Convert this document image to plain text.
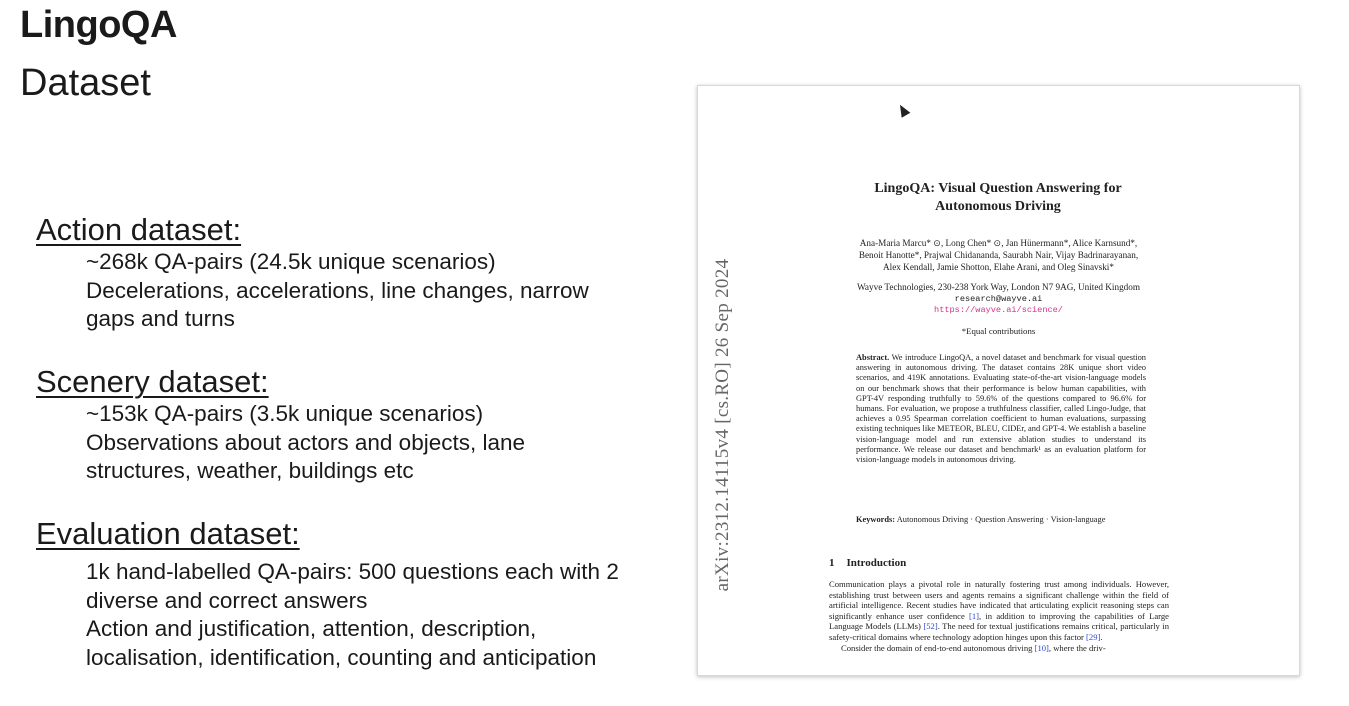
LingoQA
Dataset
Action dataset:
~268k QA-pairs (24.5k unique scenarios)
Decelerations, accelerations, line changes, narrow
gaps and turns
Scenery dataset:
~153k QA-pairs (3.5k unique scenarios)
Observations about actors and objects, lane
structures, weather, buildings etc
Evaluation dataset:
1k hand-labelled QA-pairs: 500 questions each with 2
diverse and correct answers
Action and justification, attention, description,
localisation, identification, counting and anticipation
arXiv:2312.14115v4 [cs.RO] 26 Sep 2024
LingoQA: Visual Question Answering for
Autonomous Driving
Ana-Maria Marcu* ⊙, Long Chen* ⊙, Jan Hünermann*, Alice Karnsund*,
Benoit Hanotte*, Prajwal Chidananda, Saurabh Nair, Vijay Badrinarayanan,
Alex Kendall, Jamie Shotton, Elahe Arani, and Oleg Sinavski*
Wayve Technologies, 230-238 York Way, London N7 9AG, United Kingdom
research@wayve.ai
https://wayve.ai/science/
*Equal contributions
Abstract. We introduce LingoQA, a novel dataset and benchmark for visual question answering in autonomous driving. The dataset contains 28K unique short video scenarios, and 419K annotations. Evaluating state-of-the-art vision-language models on our benchmark shows that their performance is below human capabilities, with GPT-4V responding truthfully to 59.6% of the questions compared to 96.6% for humans. For evaluation, we propose a truthfulness classifier, called Lingo-Judge, that achieves a 0.95 Spearman correlation coefficient to human evaluations, surpassing existing techniques like METEOR, BLEU, CIDEr, and GPT-4. We establish a baseline vision-language model and run extensive ablation studies to understand its performance. We release our dataset and benchmark¹ as an evaluation platform for vision-language models in autonomous driving.
Keywords: Autonomous Driving · Question Answering · Vision-language
1 Introduction
Communication plays a pivotal role in naturally fostering trust among individuals. However, establishing trust between users and agents remains a significant challenge within the field of artificial intelligence. Recent studies have indicated that articulating explicit reasoning steps can significantly enhance user confidence [1], in addition to improving the capabilities of Large Language Models (LLMs) [52]. The need for textual justifications remains critical, particularly in safety-critical domains where technology adoption hinges upon this factor [29].
Consider the domain of end-to-end autonomous driving [10], where the driv-
